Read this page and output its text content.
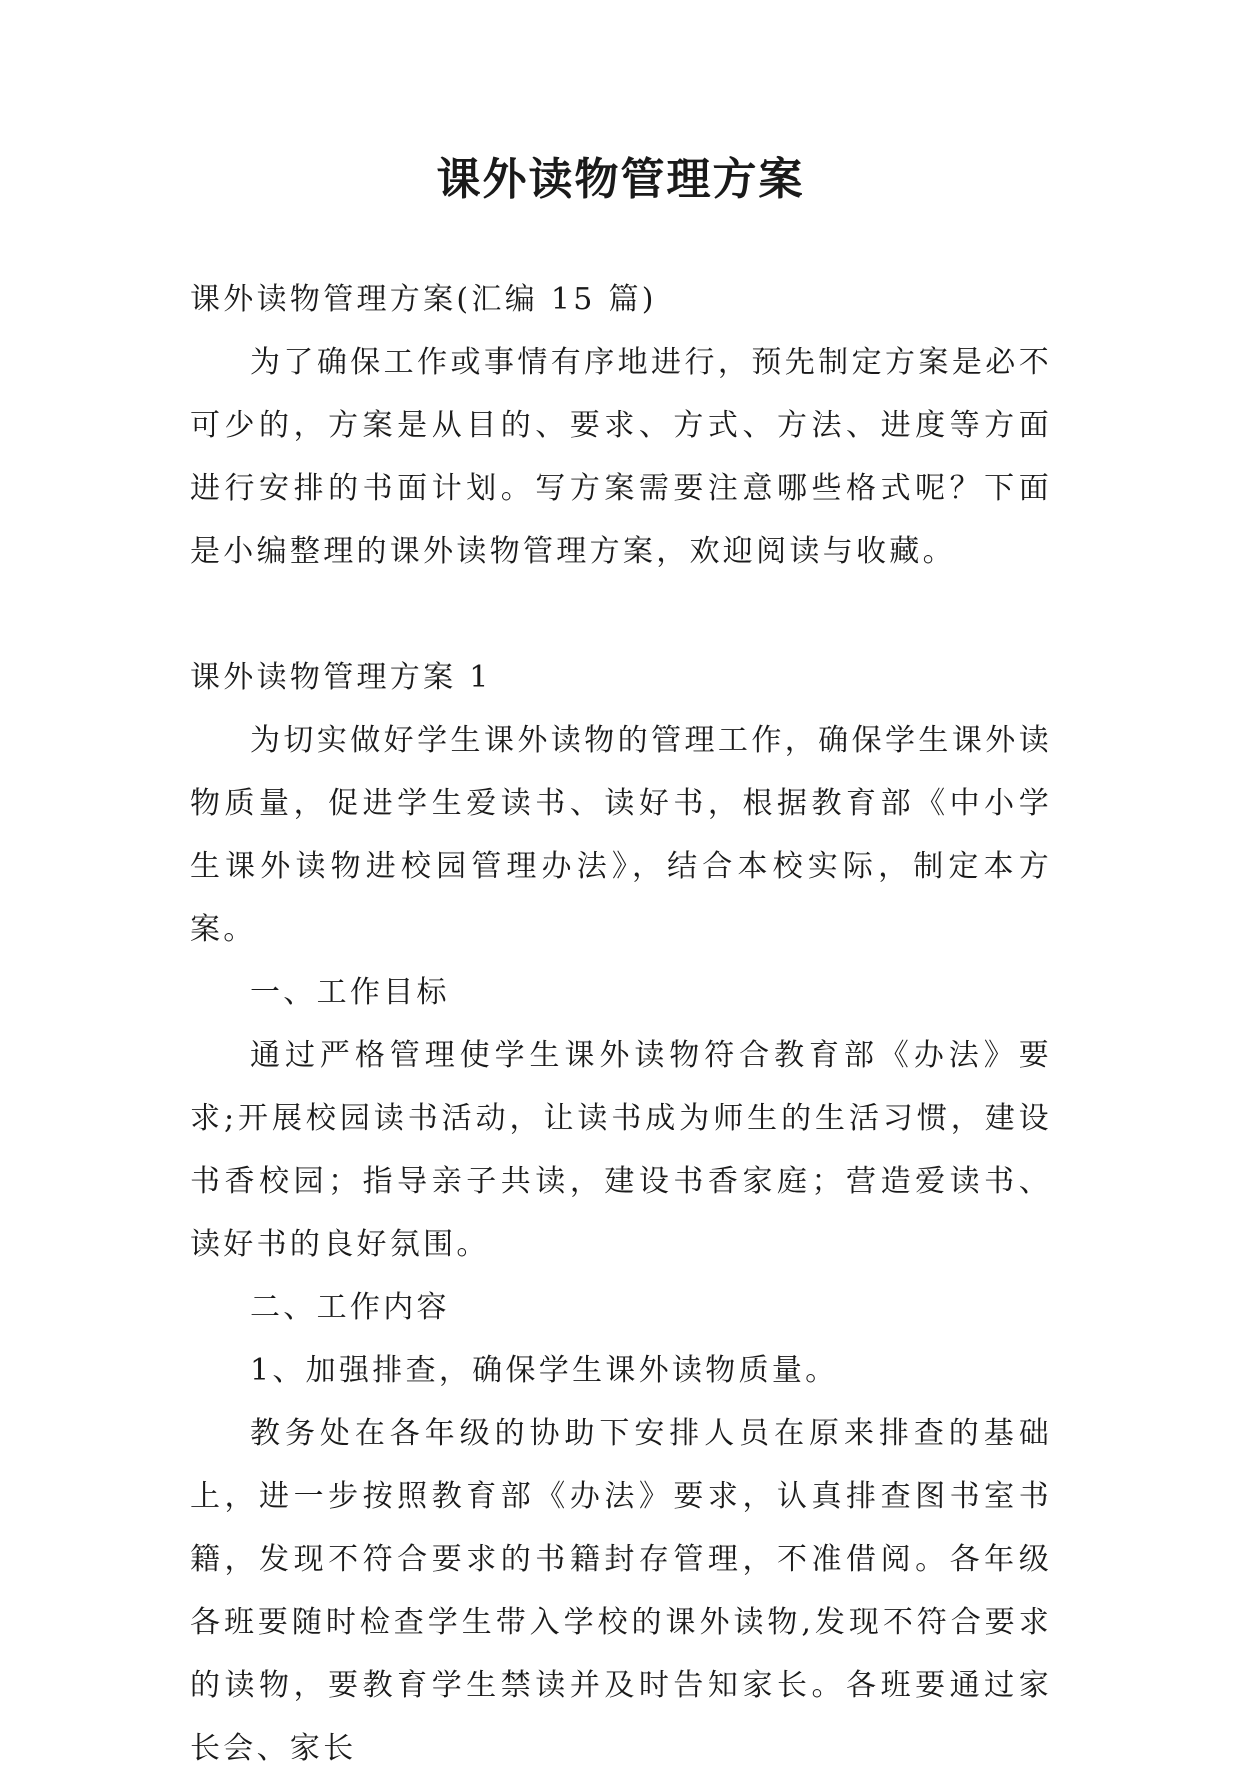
课外读物管理方案

课外读物管理方案(汇编 15 篇)

为了确保工作或事情有序地进行，预先制定方案是必不可少的，方案是从目的、要求、方式、方法、进度等方面进行安排的书面计划。写方案需要注意哪些格式呢？下面是小编整理的课外读物管理方案，欢迎阅读与收藏。

课外读物管理方案 1

为切实做好学生课外读物的管理工作，确保学生课外读物质量，促进学生爱读书、读好书，根据教育部《中小学生课外读物进校园管理办法》，结合本校实际，制定本方案。

一、工作目标

通过严格管理使学生课外读物符合教育部《办法》要求;开展校园读书活动，让读书成为师生的生活习惯，建设书香校园；指导亲子共读，建设书香家庭；营造爱读书、读好书的良好氛围。

二、工作内容

1、加强排查，确保学生课外读物质量。

教务处在各年级的协助下安排人员在原来排查的基础上，进一步按照教育部《办法》要求，认真排查图书室书籍，发现不符合要求的书籍封存管理，不准借阅。各年级各班要随时检查学生带入学校的课外读物,发现不符合要求的读物，要教育学生禁读并及时告知家长。各班要通过家长会、家长
